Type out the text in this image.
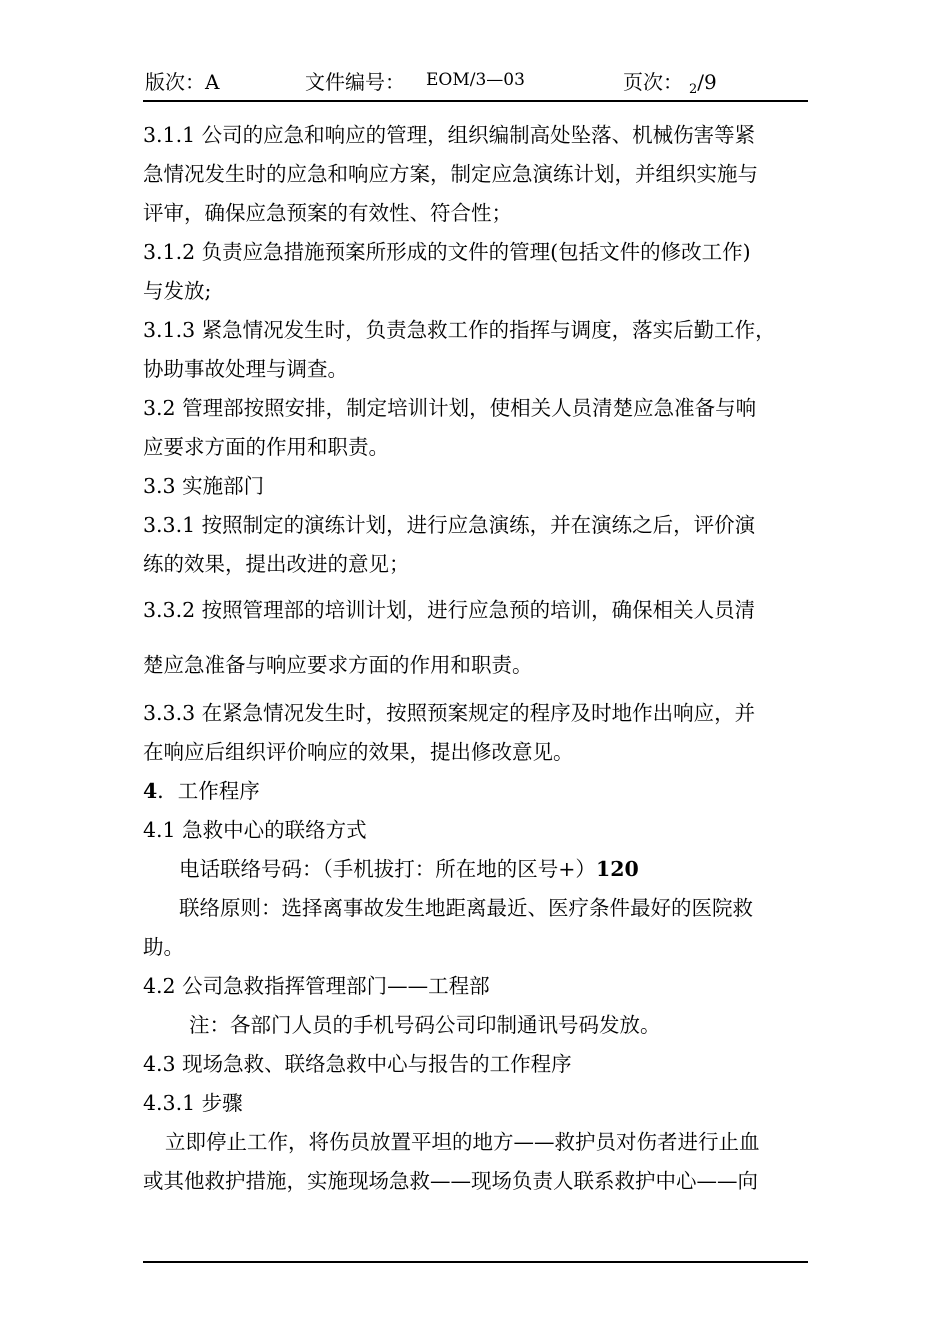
版次：A	文件编号： EOM/3—03	页次： $_2$ /9
3.1.1 公司的应急和响应的管理，组织编制高处坠落、机械伤害等紧
急情况发生时的应急和响应方案，制定应急演练计划，并组织实施与
评审，确保应急预案的有效性、符合性；
3.1.2 负责应急措施预案所形成的文件的管理(包括文件的修改工作)
与发放;
3.1.3 紧急情况发生时，负责急救工作的指挥与调度，落实后勤工作，
协助事故处理与调查。
3.2 管理部按照安排，制定培训计划，使相关人员清楚应急准备与响
应要求方面的作用和职责。
3.3 实施部门
3.3.1 按照制定的演练计划，进行应急演练，并在演练之后，评价演
练的效果，提出改进的意见；
3.3.2 按照管理部的培训计划，进行应急预的培训，确保相关人员清
楚应急准备与响应要求方面的作用和职责。
3.3.3 在紧急情况发生时，按照预案规定的程序及时地作出响应，并
在响应后组织评价响应的效果，提出修改意见。
4．工作程序
4.1 急救中心的联络方式
电话联络号码：（手机拔打：所在地的区号+）120
联络原则：选择离事故发生地距离最近、医疗条件最好的医院救
助。
4.2 公司急救指挥管理部门——工程部
注：各部门人员的手机号码公司印制通讯号码发放。
4.3 现场急救、联络急救中心与报告的工作程序
4.3.1 步骤
立即停止工作，将伤员放置平坦的地方——救护员对伤者进行止血
或其他救护措施，实施现场急救——现场负责人联系救护中心——向
